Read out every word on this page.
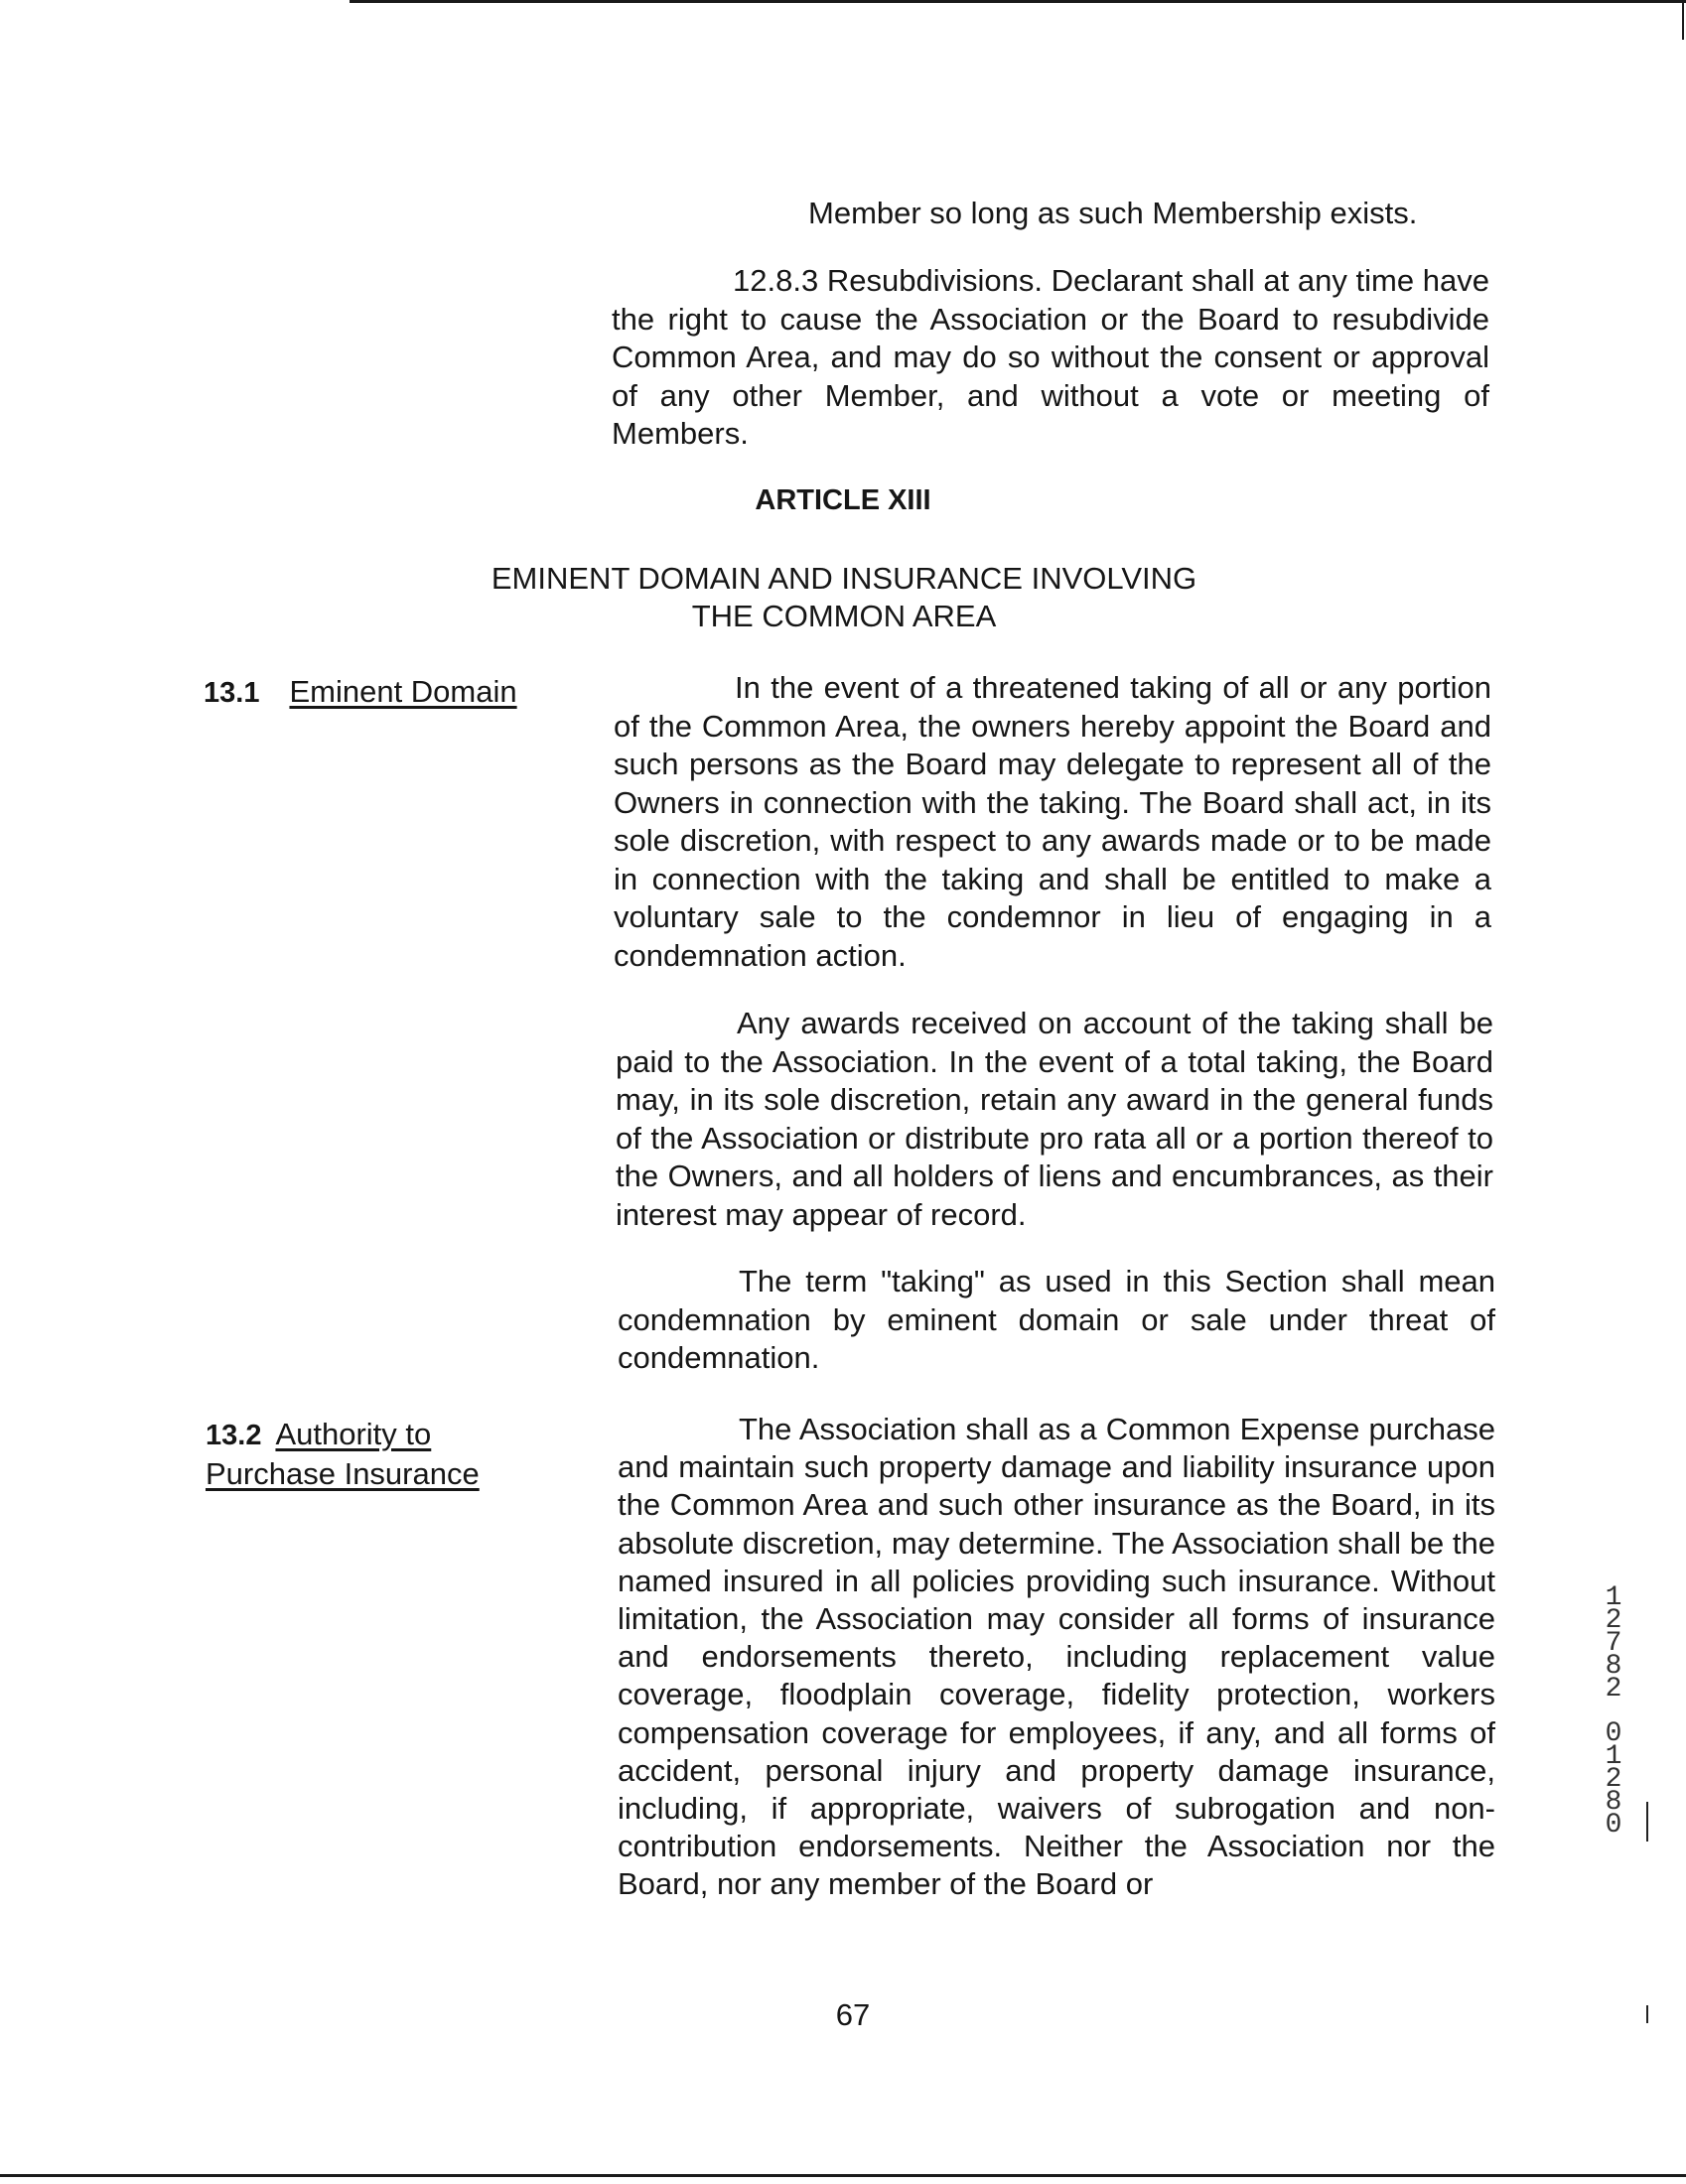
Member so long as such Membership exists.

12.8.3 Resubdivisions. Declarant shall at any time have the right to cause the Association or the Board to resubdivide Common Area, and may do so without the consent or approval of any other Member, and without a vote or meeting of Members.

ARTICLE XIII

EMINENT DOMAIN AND INSURANCE INVOLVING
THE COMMON AREA
13.1 Eminent Domain	In the event of a threatened taking of all or any portion of the Common Area, the owners hereby appoint the Board and such persons as the Board may delegate to represent all of the Owners in connection with the taking. The Board shall act, in its sole discretion, with respect to any awards made or to be made in connection with the taking and shall be entitled to make a voluntary sale to the condemnor in lieu of engaging in a condemnation action.

Any awards received on account of the taking shall be paid to the Association. In the event of a total taking, the Board may, in its sole discretion, retain any award in the general funds of the Association or distribute pro rata all or a portion thereof to the Owners, and all holders of liens and encumbrances, as their interest may appear of record.

The term "taking" as used in this Section shall mean condemnation by eminent domain or sale under threat of condemnation.

13.2 Authority to
Purchase Insurance

The Association shall as a Common Expense purchase and maintain such property damage and liability insurance upon the Common Area and such other insurance as the Board, in its absolute discretion, may determine. The Association shall be the named insured in all policies providing such insurance. Without limitation, the Association may consider all forms of insurance and endorsements thereto, including replacement value coverage, floodplain coverage, fidelity protection, workers compensation coverage for employees, if any, and all forms of accident, personal injury and property damage insurance, including, if appropriate, waivers of subrogation and non-contribution endorsements. Neither the Association nor the Board, nor any member of the Board or

67
1
2
7
8
2
0
1
2
8
0
